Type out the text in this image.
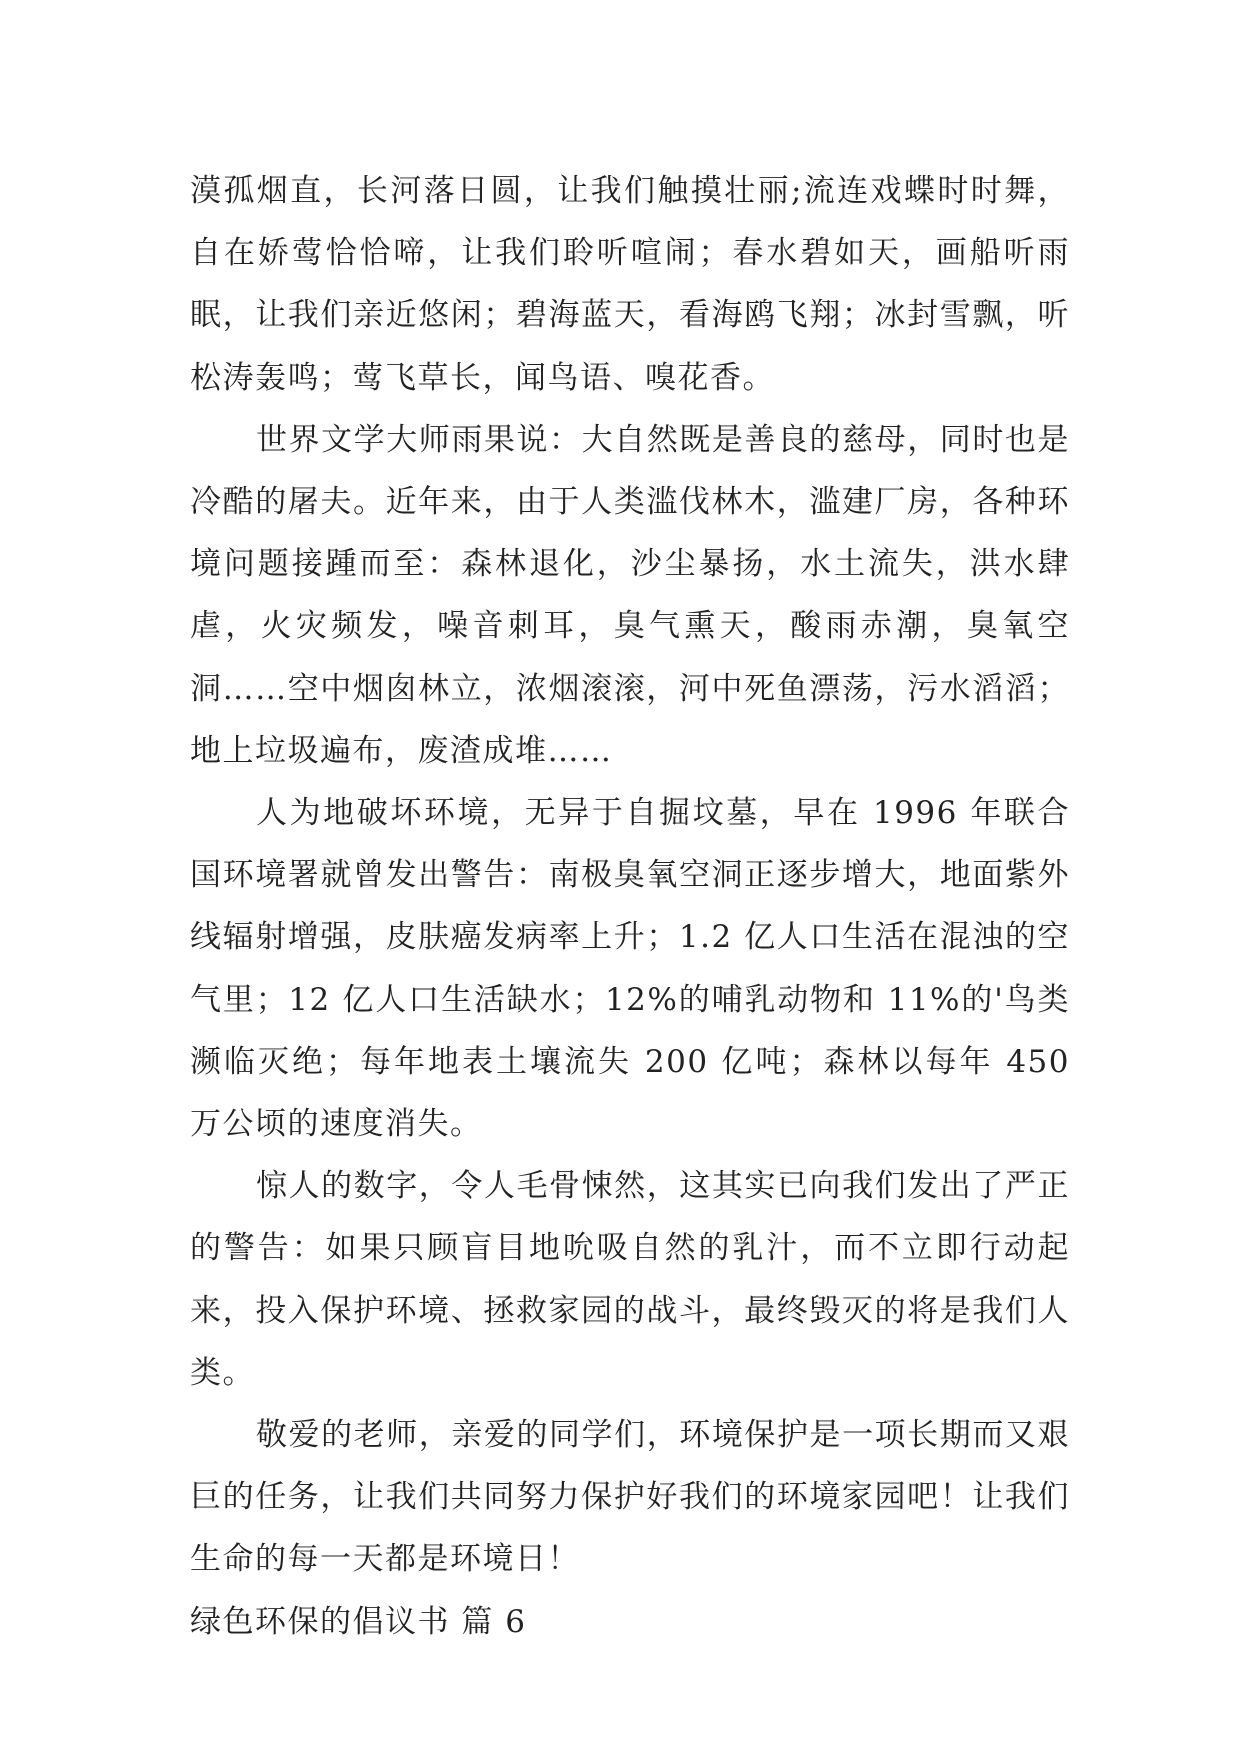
漠孤烟直，长河落日圆，让我们触摸壮丽;流连戏蝶时时舞，自在娇莺恰恰啼，让我们聆听喧闹；春水碧如天，画船听雨眠，让我们亲近悠闲；碧海蓝天，看海鸥飞翔；冰封雪飘，听松涛轰鸣；莺飞草长，闻鸟语、嗅花香。

世界文学大师雨果说：大自然既是善良的慈母，同时也是冷酷的屠夫。近年来，由于人类滥伐林木，滥建厂房，各种环境问题接踵而至：森林退化，沙尘暴扬，水土流失，洪水肆虐，火灾频发，噪音刺耳，臭气熏天，酸雨赤潮，臭氧空洞……空中烟囱林立，浓烟滚滚，河中死鱼漂荡，污水滔滔；地上垃圾遍布，废渣成堆……

人为地破坏环境，无异于自掘坟墓，早在 1996 年联合国环境署就曾发出警告：南极臭氧空洞正逐步增大，地面紫外线辐射增强，皮肤癌发病率上升；1.2 亿人口生活在混浊的空气里；12 亿人口生活缺水；12%的哺乳动物和 11%的'鸟类濒临灭绝；每年地表土壤流失 200 亿吨；森林以每年 450 万公顷的速度消失。

惊人的数字，令人毛骨悚然，这其实已向我们发出了严正的警告：如果只顾盲目地吮吸自然的乳汁，而不立即行动起来，投入保护环境、拯救家园的战斗，最终毁灭的将是我们人类。

敬爱的老师，亲爱的同学们，环境保护是一项长期而又艰巨的任务，让我们共同努力保护好我们的环境家园吧！让我们生命的每一天都是环境日！

绿色环保的倡议书 篇 6
